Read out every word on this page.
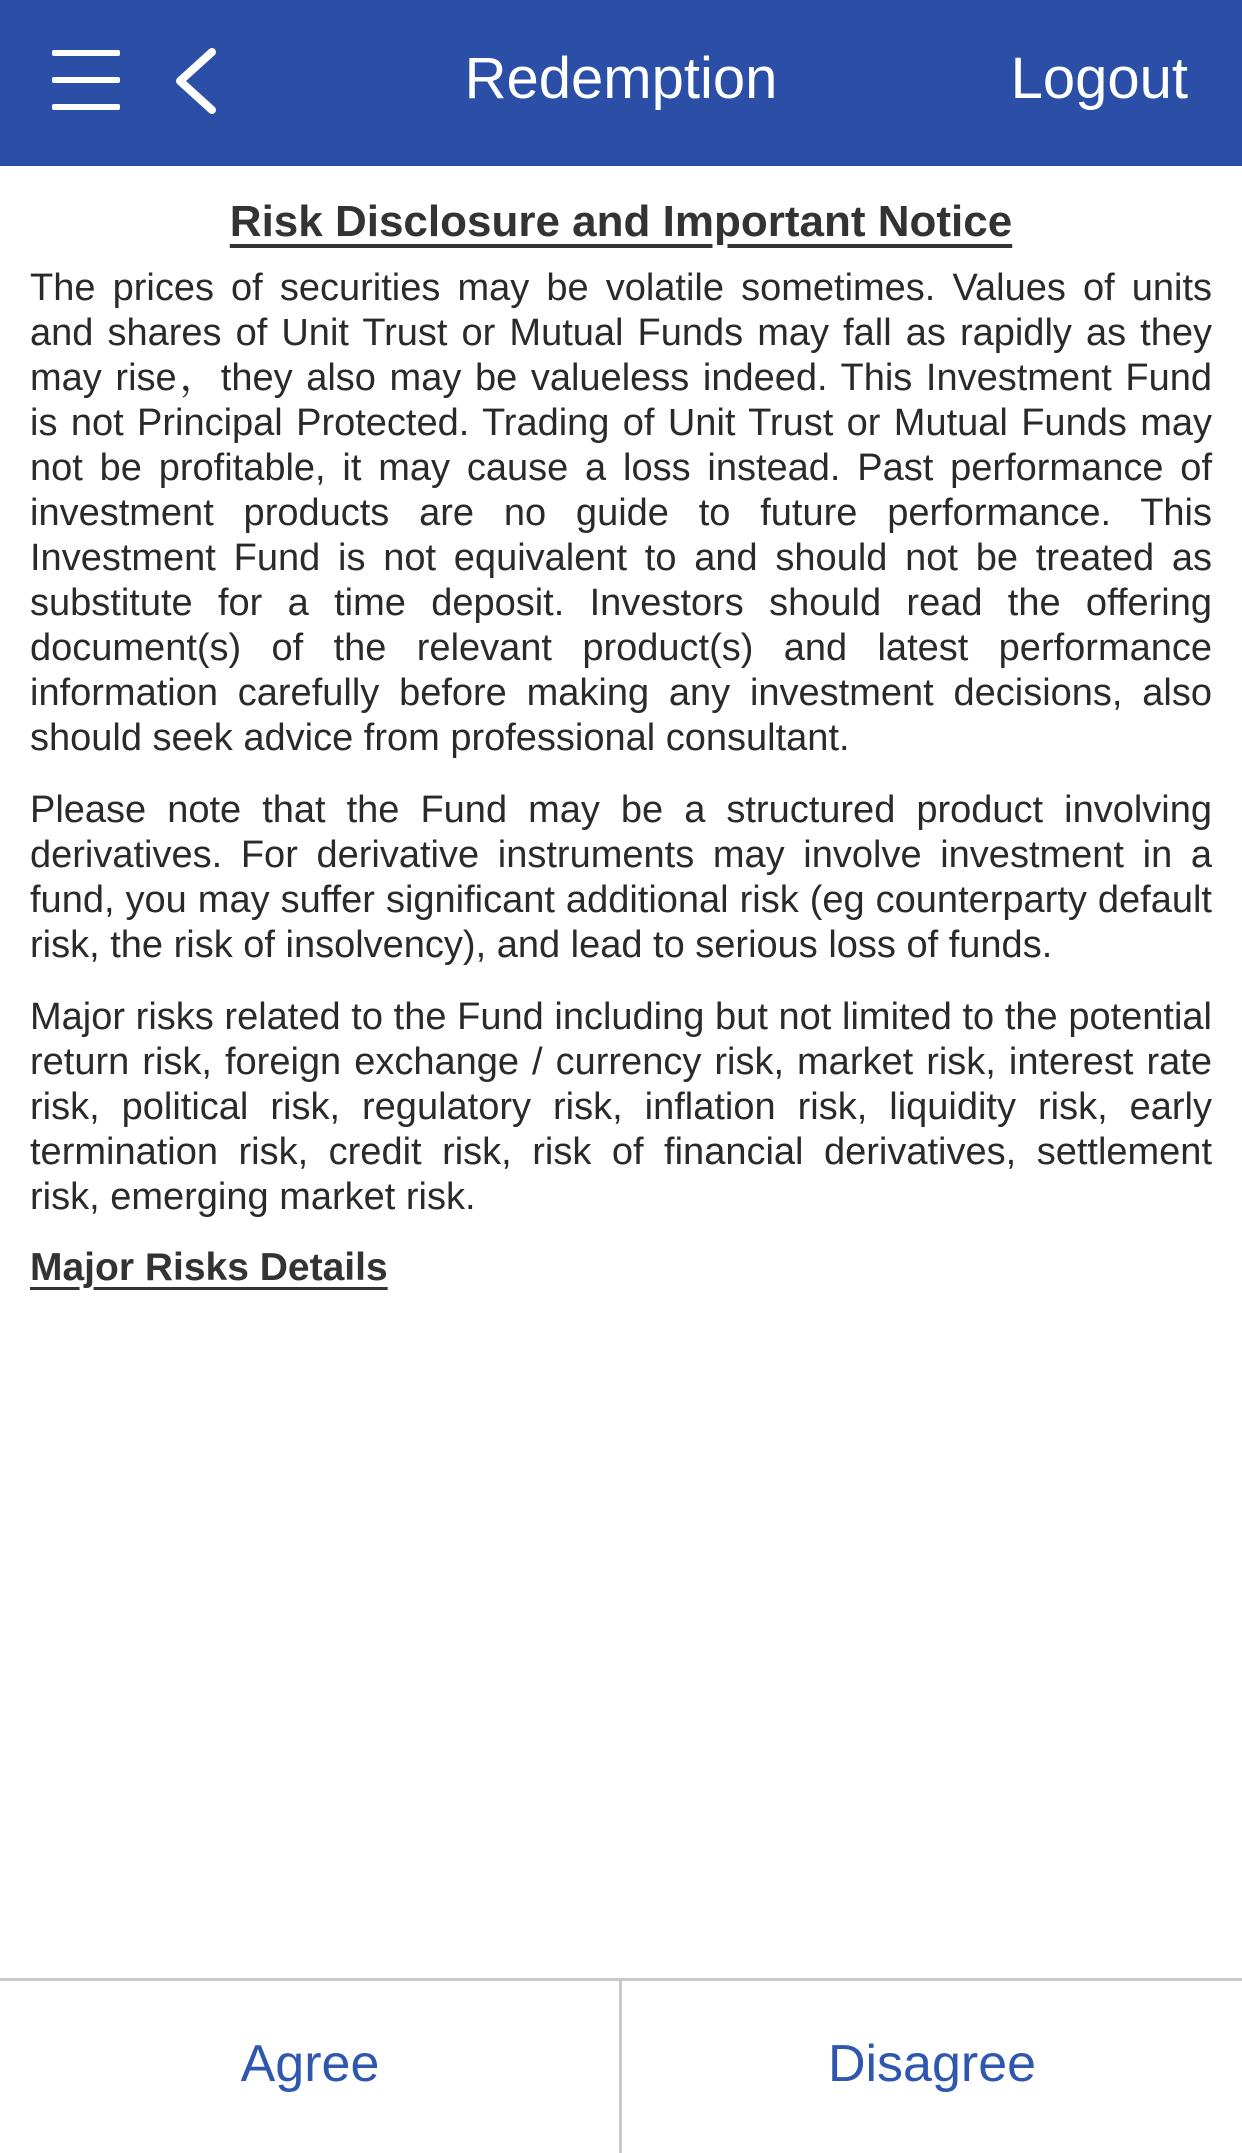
Redemption	Logout
Risk Disclosure and Important Notice

The prices of securities may be volatile sometimes. Values of units and shares of Unit Trust or Mutual Funds may fall as rapidly as they may rise，they also may be valueless indeed. This Investment Fund is not Principal Protected. Trading of Unit Trust or Mutual Funds may not be profitable, it may cause a loss instead. Past performance of investment products are no guide to future performance. This Investment Fund is not equivalent to and should not be treated as substitute for a time deposit. Investors should read the offering document(s) of the relevant product(s) and latest performance information carefully before making any investment decisions, also should seek advice from professional consultant.

Please note that the Fund may be a structured product involving derivatives. For derivative instruments may involve investment in a fund, you may suffer significant additional risk (eg counterparty default risk, the risk of insolvency), and lead to serious loss of funds.

Major risks related to the Fund including but not limited to the potential return risk, foreign exchange / currency risk, market risk, interest rate risk, political risk, regulatory risk, inflation risk, liquidity risk, early termination risk, credit risk, risk of financial derivatives, settlement risk, emerging market risk.

Major Risks Details
Agree	Disagree
